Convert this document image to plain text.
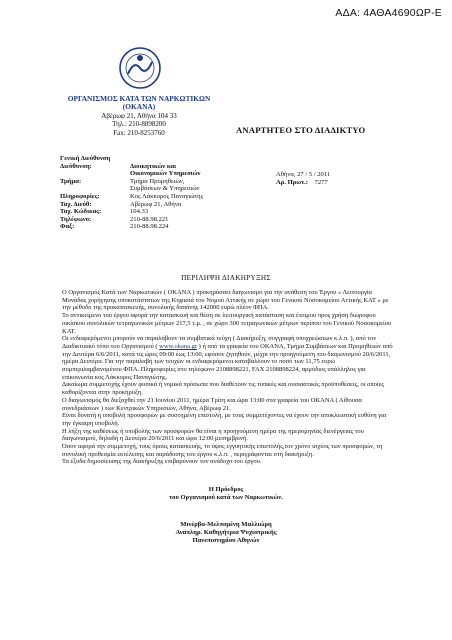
ΑΔΑ: 4ΑΘΑ4690ΩΡ-Ε
ΟΡΓΑΝΙΣΜΟΣ ΚΑΤΑ ΤΩΝ ΝΑΡΚΩΤΙΚΩΝ
(ΟΚΑΝΑ)
Αβέρωφ 21, Αθήνα 104 33
Τηλ.: 210-8898200
Fax: 210-8253760	ΑΝΑΡΤΗΤΕΟ ΣΤΟ ΔΙΑΔΙΚΤΥΟ
Γενική Διεύθυνση
Διεύθυνση:	Διοικητικών και
Οικονομικών Υπηρεσιών
Τμήμα:	Τμήμα Προμηθειών,
Συμβάσεων & Υπηρεσιών
Πληροφορίες:	Κος Λάκκορος Παναγιώτης
Ταχ. Διεύθ:	Αβέρωφ 21, Αθήνα
Ταχ. Κώδικας:	104.33
Τηλέφωνο:	210-88.98.221
Φαξ:	210-88.98.224
Αθήνα, 27 / 5 / 2011
Αρ. Πρωτ.: 7277
ΠΕΡΙΛΗΨΗ ΔΙΑΚΗΡΥΞΗΣ

Ο Οργανισμός Κατά των Ναρκωτικών ( ΟΚΑΝΑ ) προκηρύσσει διαγωνισμό για την ανάθεση του Έργου « Λειτουργία Μονάδας χορήγησης υποκατάστατων της Κηφισιά του Νομού Αττικής σε χώρο του Γενικού Νοσοκομείου Αττικής ΚΑΤ » με την μέθοδο της προκατασκευής, συνολικής δαπάνης 142000 ευρώ πλέον ΦΠΑ.

Το αντικείμενο του έργου αφορά την κατασκευή και θέση σε λειτουργική κατάσταση και έτοιμου προς χρήση διώροφου οικίσκου συνολικών τετραγωνικών μέτρων 217,5 τ.μ. , σε χώρο 300 τετραγωνικών μέτρων περίπου του Γενικού Νοσοκομείου ΚΑΤ.

Οι ενδιαφερόμενοι μπορούν να παραλάβουν τα συμβατικά τεύχη ( Διακήρυξη, συγγραφή υποχρεώσεων κ.λ.π. ), από τον Διαδικτυακό τόπο του Οργανισμού ( www.okana.gr ) ή από τα γραφεία του ΟΚΑΝΑ, Τμήμα Συμβάσεων και Προμηθειών από την Δευτέρα 6/6/2011, κατά τις ώρες 09:00 έως 13:00, εφόσον ζητηθούν, μέχρι την προηγούμενη του διαγωνισμού 20/6/2011, ημέρα Δευτέρα. Για την παραλαβή των τευχών οι ενδιαφερόμενοι καταβάλλουν το ποσό των 11,75 ευρώ συμπεριλαμβανομένου ΦΠΑ. Πληροφορίες στο τηλέφωνο 2108898221, FAX 2108898224, αρμόδιος υπάλληλος για επικοινωνία κος Λάκκορος Παναγιώτης.

Δικαίωμα συμμετοχής έχουν φυσικά ή νομικά πρόσωπα που διαθέτουν τις τυπικές και ουσιαστικές προϋποθέσεις, οι οποίες καθορίζονται στην προκήρυξη.

Ο διαγωνισμός θα διεξαχθεί την 21 Ιουνίου 2011, ημέρα Τρίτη και ώρα 13:00 στα γραφεία του ΟΚΑΝΑ ( Αίθουσα συνεδριάσεων ) των Κεντρικών Υπηρεσιών, Αθήνα, Αβέρωφ 21.

Είναι δυνατή η υποβολή προσφορών με συστημένη επιστολή, με τους συμμετέχοντες να έχουν την αποκλειστική ευθύνη για την έγκαιρη υποβολή.

Η λήξη της καθέσεως ή υποβολής των προσφορών θα είναι η προηγούμενη ημέρα της ημερομηνίας διενέργειας του διαγωνισμού, δηλαδή η Δευτέρα 20/6/2011 και ώρα 12:00 μεσημβρινή.

Όσον αφορά την συμμετοχή, τους όρους κατασκευής, το ύψος εγγυητικής επιστολής,τον χρόνο ισχύος των προσφορών, τη συνολική προθεσμία εκτέλεσης και παράδοσης του έργου κ.λ.π. , περιγράφονται στη διακήρυξη.

Τα έξοδα δημοσίευσης της διακήρυξης επιβαρύνουν τον ανάδοχο του έργου.

Η Πρόεδρος
του Οργανισμού κατά των Ναρκωτικών.
Μινέρβα-Μελπομένη Μαλλιώρη
Αναπληρ. Καθηγήτρια Ψυχιατρικής
Πανεπιστημίου Αθηνών
